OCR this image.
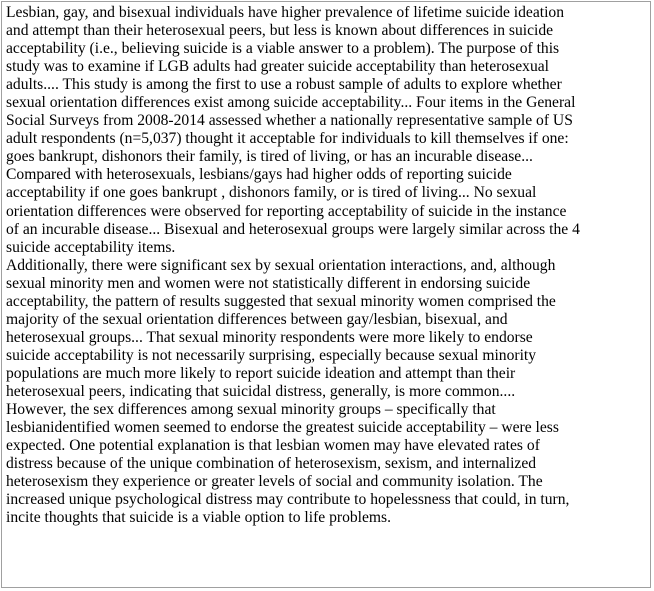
Lesbian, gay, and bisexual individuals have higher prevalence of lifetime suicide ideation
and attempt than their heterosexual peers, but less is known about differences in suicide
acceptability (i.e., believing suicide is a viable answer to a problem). The purpose of this
study was to examine if LGB adults had greater suicide acceptability than heterosexual
adults.... This study is among the first to use a robust sample of adults to explore whether
sexual orientation differences exist among suicide acceptability... Four items in the General
Social Surveys from 2008-2014 assessed whether a nationally representative sample of US
adult respondents (n=5,037) thought it acceptable for individuals to kill themselves if one:
goes bankrupt, dishonors their family, is tired of living, or has an incurable disease...
Compared with heterosexuals, lesbians/gays had higher odds of reporting suicide
acceptability if one goes bankrupt , dishonors family, or is tired of living... No sexual
orientation differences were observed for reporting acceptability of suicide in the instance
of an incurable disease... Bisexual and heterosexual groups were largely similar across the 4
suicide acceptability items.
Additionally, there were significant sex by sexual orientation interactions, and, although
sexual minority men and women were not statistically different in endorsing suicide
acceptability, the pattern of results suggested that sexual minority women comprised the
majority of the sexual orientation differences between gay/lesbian, bisexual, and
heterosexual groups... That sexual minority respondents were more likely to endorse
suicide acceptability is not necessarily surprising, especially because sexual minority
populations are much more likely to report suicide ideation and attempt than their
heterosexual peers, indicating that suicidal distress, generally, is more common....
However, the sex differences among sexual minority groups – specifically that
lesbianidentified women seemed to endorse the greatest suicide acceptability – were less
expected. One potential explanation is that lesbian women may have elevated rates of
distress because of the unique combination of heterosexism, sexism, and internalized
heterosexism they experience or greater levels of social and community isolation. The
increased unique psychological distress may contribute to hopelessness that could, in turn,
incite thoughts that suicide is a viable option to life problems.
